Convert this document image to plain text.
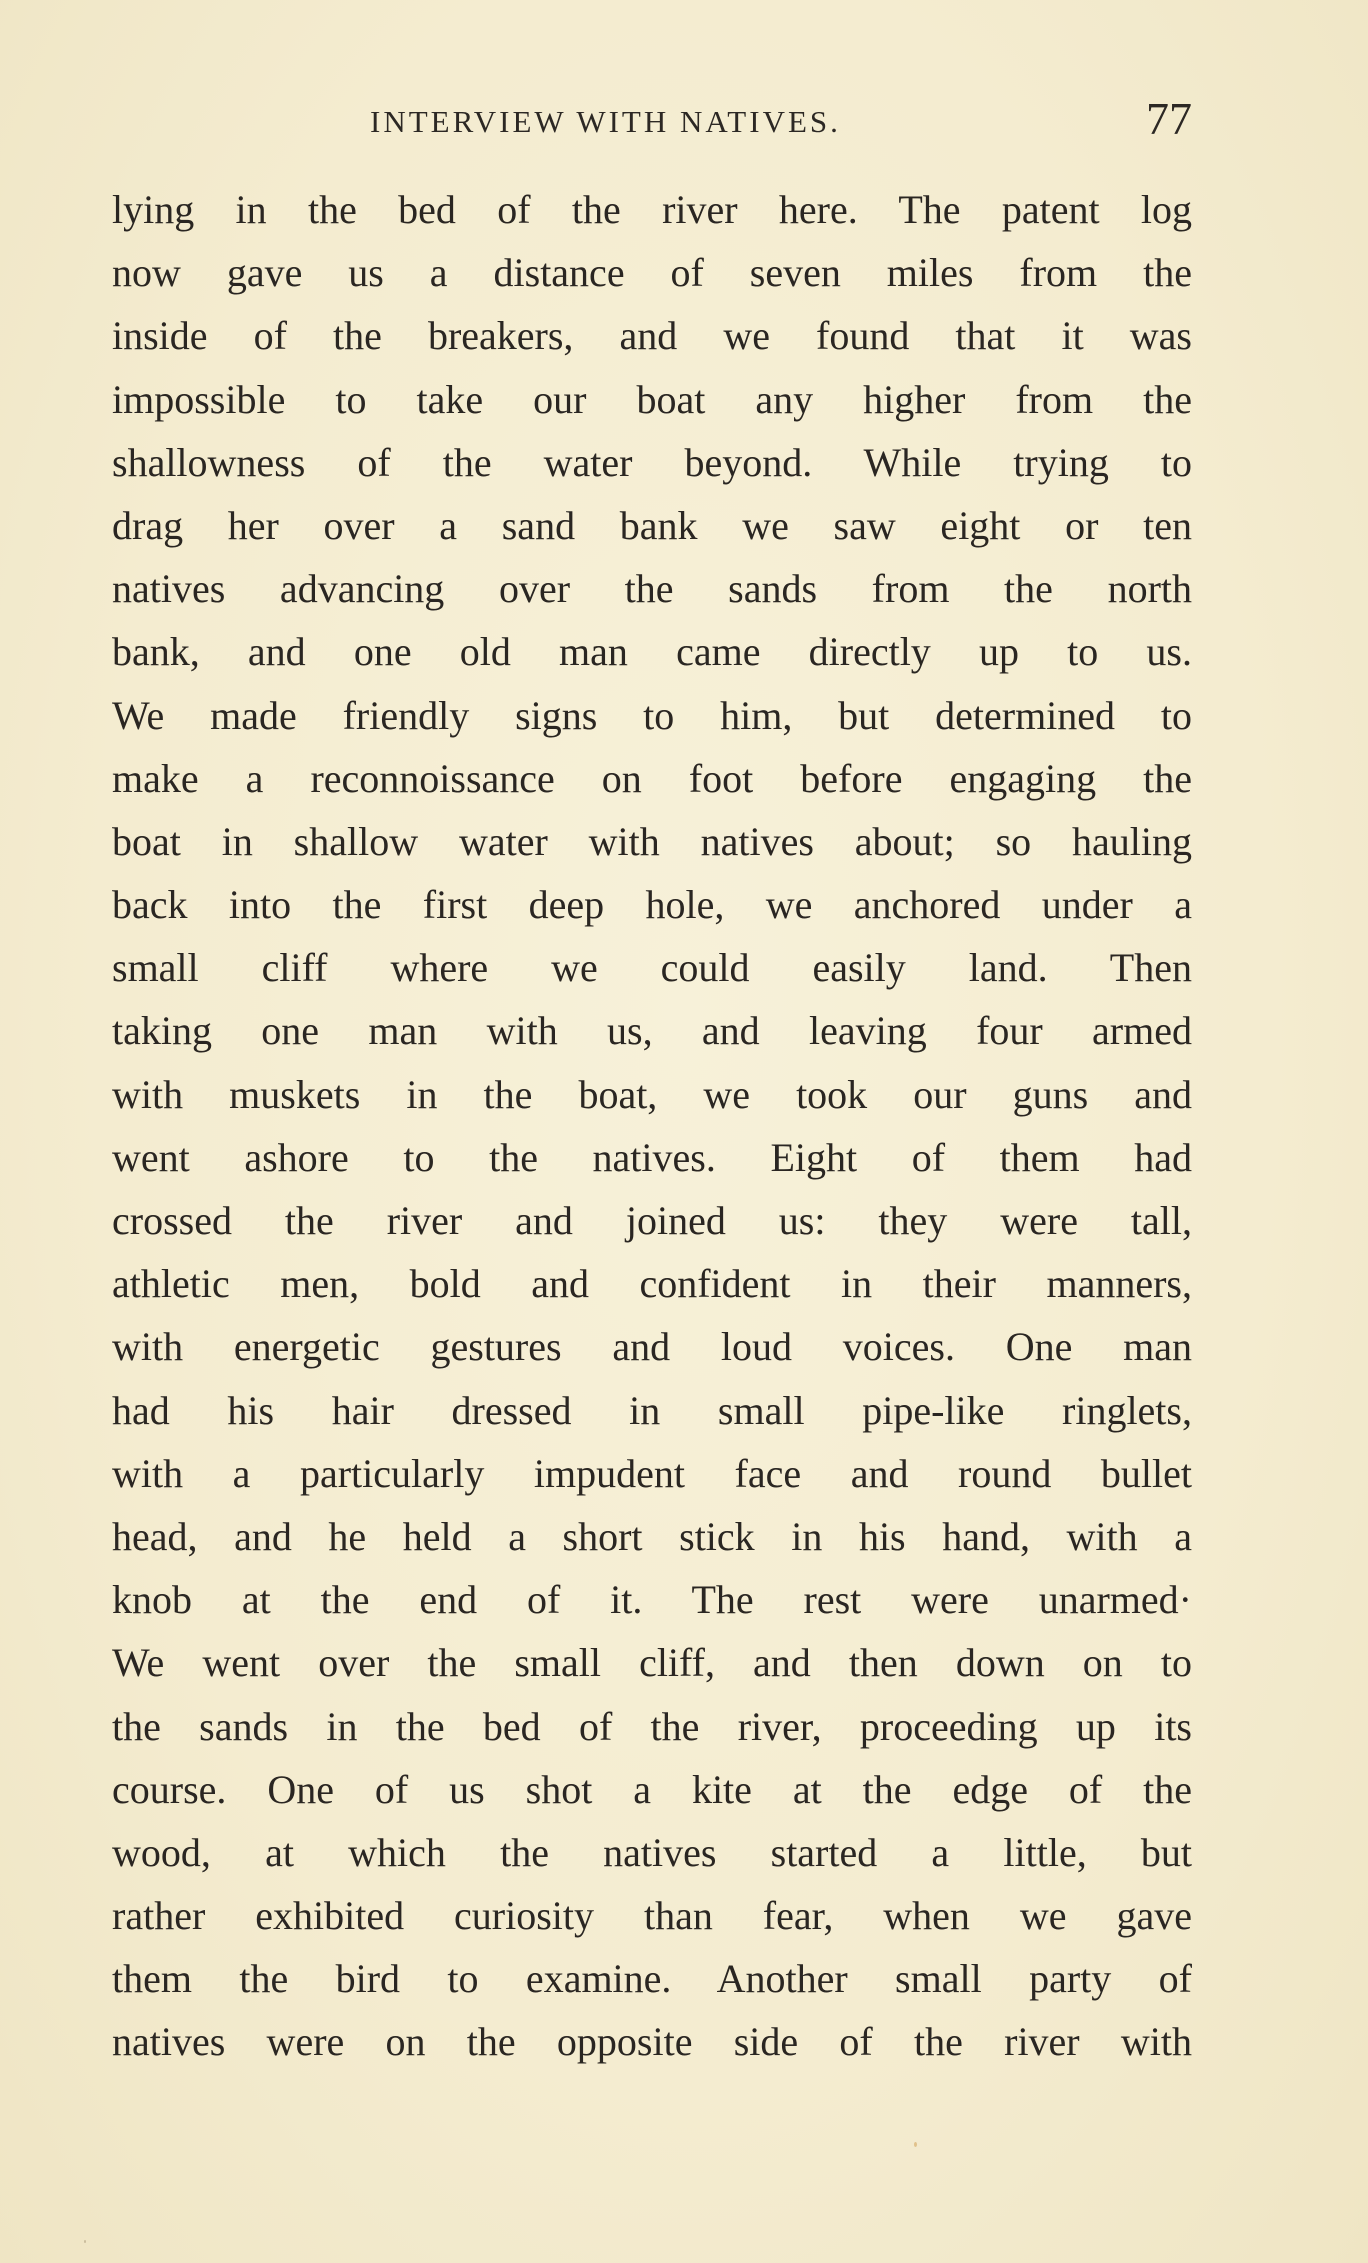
INTERVIEW WITH NATIVES.	77
lying in the bed of the river here. The patent log
now gave us a distance of seven miles from the
inside of the breakers, and we found that it was
impossible to take our boat any higher from the
shallowness of the water beyond. While trying to
drag her over a sand bank we saw eight or ten
natives advancing over the sands from the north
bank, and one old man came directly up to us.
We made friendly signs to him, but determined to
make a reconnoissance on foot before engaging the
boat in shallow water with natives about; so hauling
back into the first deep hole, we anchored under a
small cliff where we could easily land. Then
taking one man with us, and leaving four armed
with muskets in the boat, we took our guns and
went ashore to the natives. Eight of them had
crossed the river and joined us: they were tall,
athletic men, bold and confident in their manners,
with energetic gestures and loud voices. One man
had his hair dressed in small pipe-like ringlets,
with a particularly impudent face and round bullet
head, and he held a short stick in his hand, with a
knob at the end of it. The rest were unarmed·
We went over the small cliff, and then down on to
the sands in the bed of the river, proceeding up its
course. One of us shot a kite at the edge of the
wood, at which the natives started a little, but
rather exhibited curiosity than fear, when we gave
them the bird to examine. Another small party of
natives were on the opposite side of the river with
